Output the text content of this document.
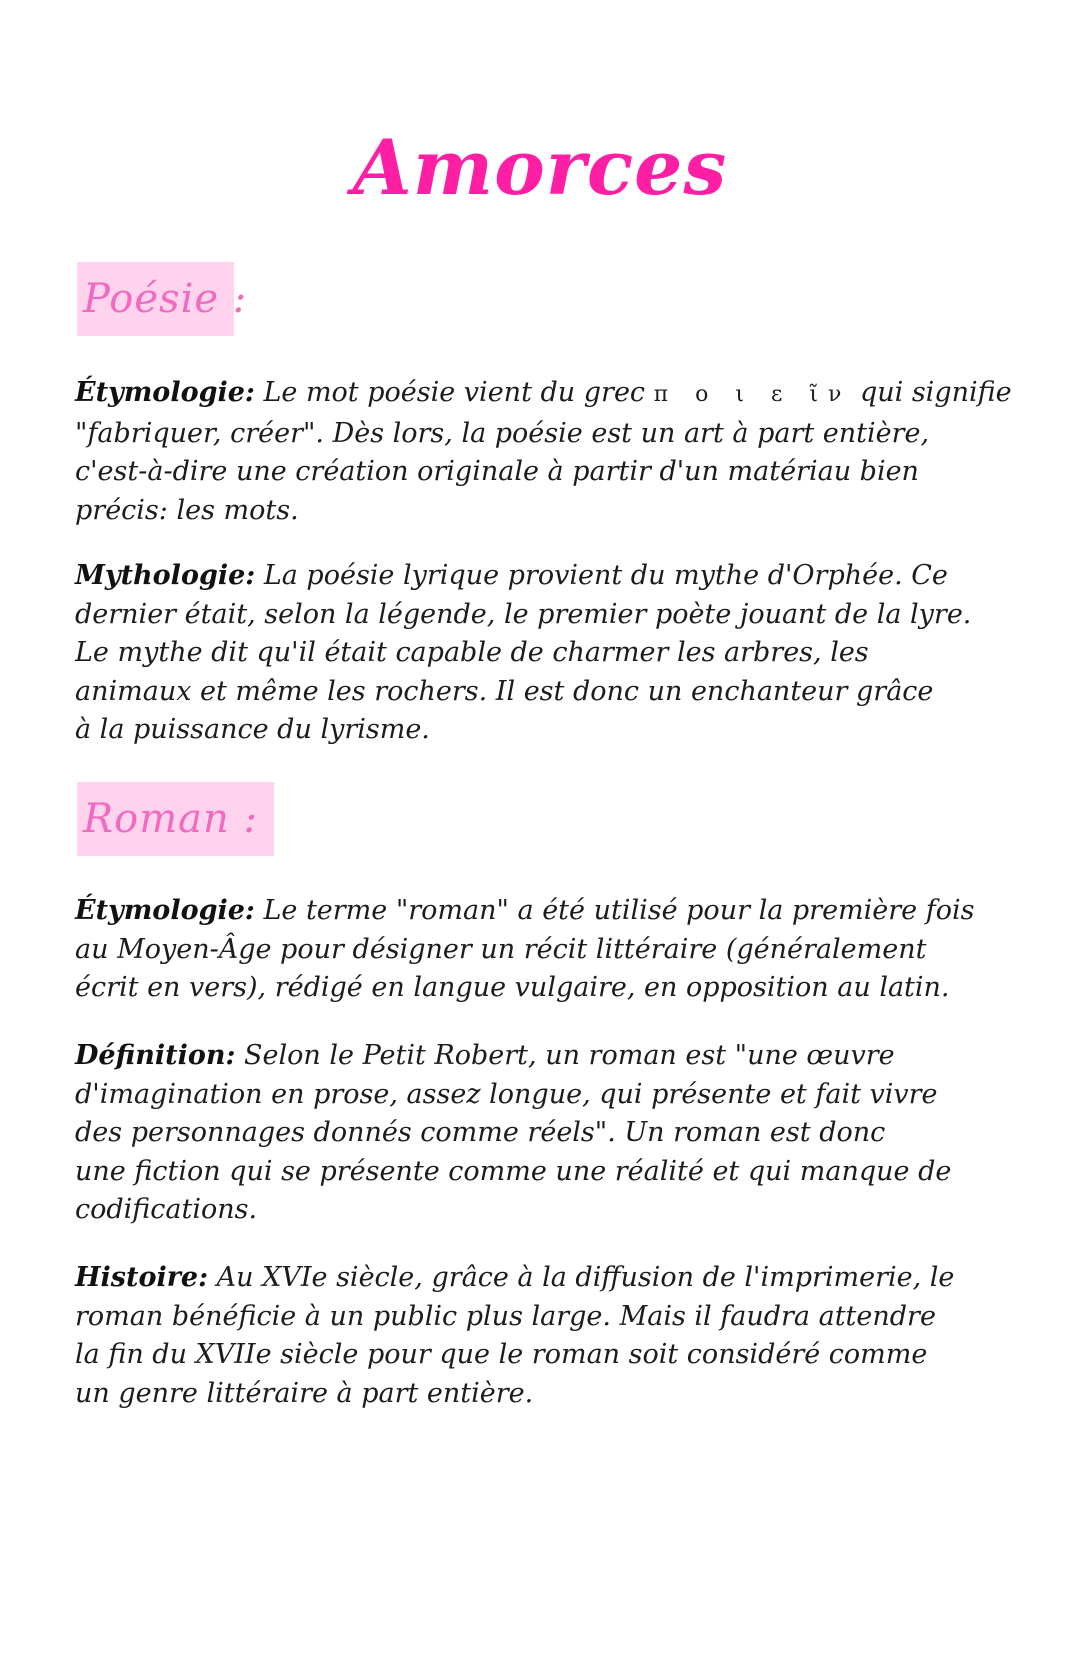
Amorces
Poésie :
Étymologie: Le mot poésie vient du grec π ο ι ε ῖν qui signifie
"fabriquer, créer". Dès lors, la poésie est un art à part entière,
c'est-à-dire une création originale à partir d'un matériau bien
précis: les mots.
Mythologie: La poésie lyrique provient du mythe d'Orphée. Ce
dernier était, selon la légende, le premier poète jouant de la lyre.
Le mythe dit qu'il était capable de charmer les arbres, les
animaux et même les rochers. Il est donc un enchanteur grâce
à la puissance du lyrisme.
Roman :
Étymologie: Le terme "roman" a été utilisé pour la première fois
au Moyen-Âge pour désigner un récit littéraire (généralement
écrit en vers), rédigé en langue vulgaire, en opposition au latin.
Définition: Selon le Petit Robert, un roman est "une œuvre
d'imagination en prose, assez longue, qui présente et fait vivre
des personnages donnés comme réels". Un roman est donc
une fiction qui se présente comme une réalité et qui manque de
codifications.
Histoire: Au XVIe siècle, grâce à la diffusion de l'imprimerie, le
roman bénéficie à un public plus large. Mais il faudra attendre
la fin du XVIIe siècle pour que le roman soit considéré comme
un genre littéraire à part entière.
